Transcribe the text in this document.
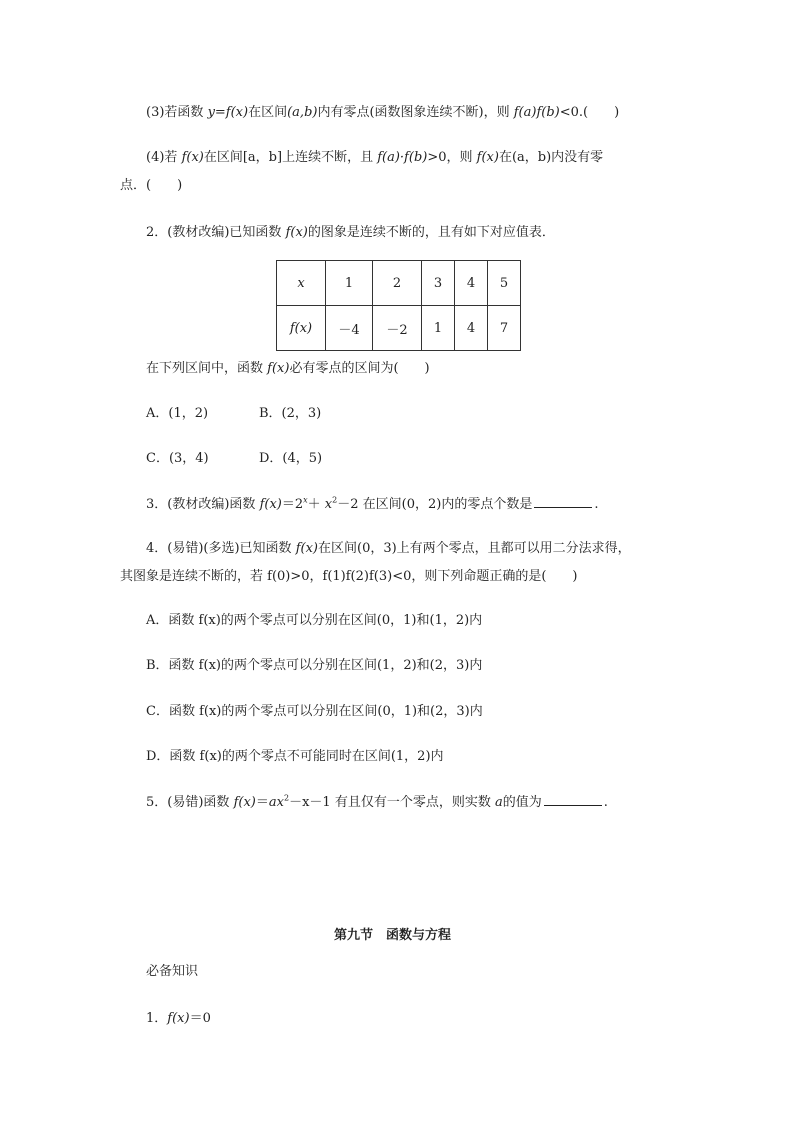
(3)若函数 y=f(x)在区间(a,b)内有零点(函数图象连续不断)，则 f(a)f(b)<0.(　　)
(4)若 f(x)在区间[a，b]上连续不断，且 f(a)·f(b)>0，则 f(x)在(a，b)内没有零
点．(　　)
2．(教材改编)已知函数 f(x)的图象是连续不断的，且有如下对应值表．
x	1	2	3	4	5
f(x)	－4	－2	1	4	7
在下列区间中，函数 f(x)必有零点的区间为(　　)
A．(1，2)	B．(2，3)
C．(3，4)	D．(4，5)
3．(教材改编)函数 $f(x)=2^x+ x^2-2$ 在区间(0，2)内的零点个数是	.
4．(易错)(多选)已知函数 f(x)在区间(0，3)上有两个零点，且都可以用二分法求得，
其图象是连续不断的，若 f(0)>0，f(1)f(2)f(3)<0，则下列命题正确的是(　　)
A．函数 f(x)的两个零点可以分别在区间(0，1)和(1，2)内
B．函数 f(x)的两个零点可以分别在区间(1，2)和(2，3)内
C．函数 f(x)的两个零点可以分别在区间(0，1)和(2，3)内
D．函数 f(x)的两个零点不可能同时在区间(1，2)内
5．(易错)函数 $f(x)=ax^2-x-1$ 有且仅有一个零点，则实数 a的值为	.
第九节　函数与方程
必备知识
1．f(x)＝0
